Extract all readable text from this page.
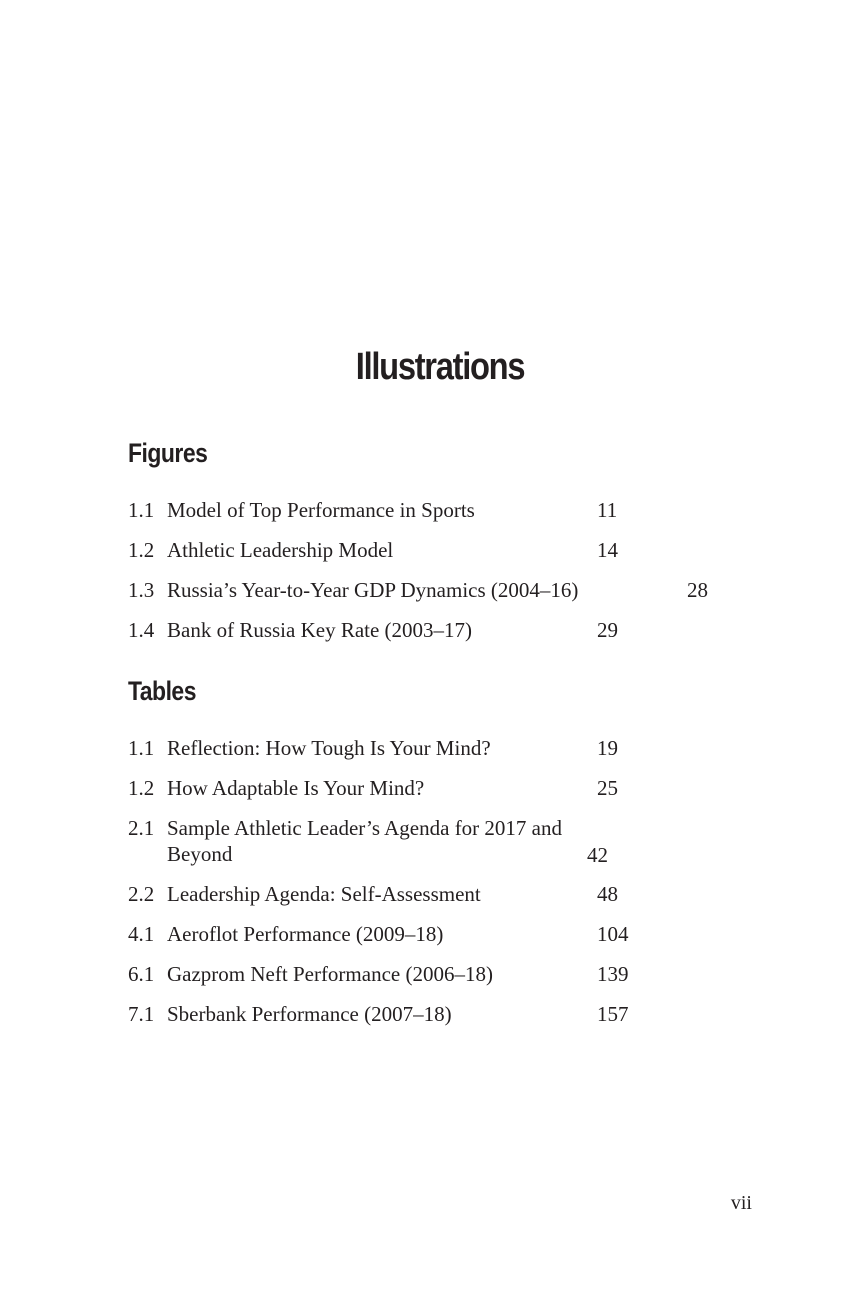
Illustrations
Figures
1.1 Model of Top Performance in Sports	11
1.2 Athletic Leadership Model	14
1.3 Russia’s Year-to-Year GDP Dynamics (2004–16)	28
1.4 Bank of Russia Key Rate (2003–17)	29
Tables
1.1 Reflection: How Tough Is Your Mind?	19
1.2 How Adaptable Is Your Mind?	25
2.1 Sample Athletic Leader’s Agenda for 2017 and Beyond	42
2.2 Leadership Agenda: Self-Assessment	48
4.1 Aeroflot Performance (2009–18)	104
6.1 Gazprom Neft Performance (2006–18)	139
7.1 Sberbank Performance (2007–18)	157
vii
